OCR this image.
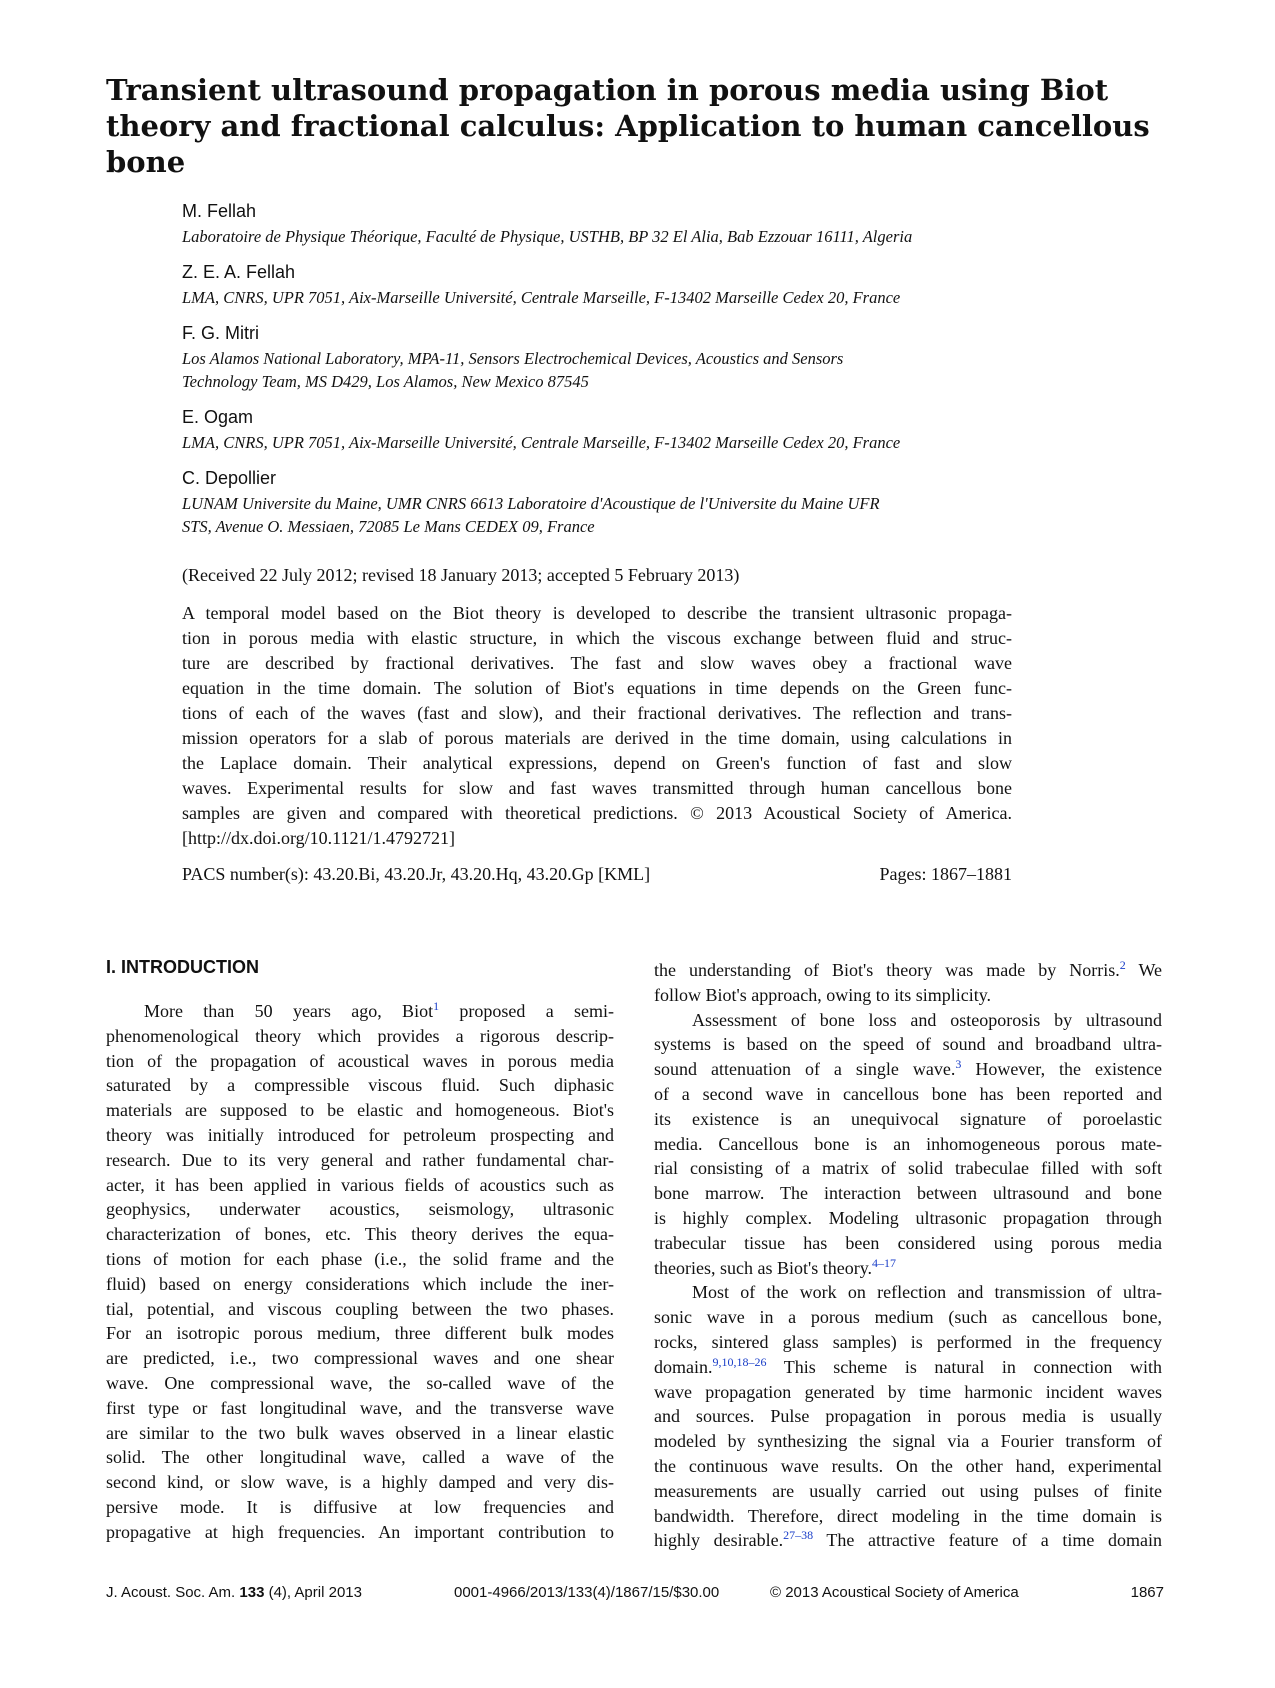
Transient ultrasound propagation in porous media using Biot
theory and fractional calculus: Application to human cancellous
bone
M. Fellah
Laboratoire de Physique Théorique, Faculté de Physique, USTHB, BP 32 El Alia, Bab Ezzouar 16111, Algeria
Z. E. A. Fellah
LMA, CNRS, UPR 7051, Aix-Marseille Université, Centrale Marseille, F-13402 Marseille Cedex 20, France
F. G. Mitri
Los Alamos National Laboratory, MPA-11, Sensors Electrochemical Devices, Acoustics and Sensors
Technology Team, MS D429, Los Alamos, New Mexico 87545
E. Ogam
LMA, CNRS, UPR 7051, Aix-Marseille Université, Centrale Marseille, F-13402 Marseille Cedex 20, France
C. Depollier
LUNAM Universite du Maine, UMR CNRS 6613 Laboratoire d'Acoustique de l'Universite du Maine UFR
STS, Avenue O. Messiaen, 72085 Le Mans CEDEX 09, France
(Received 22 July 2012; revised 18 January 2013; accepted 5 February 2013)
A temporal model based on the Biot theory is developed to describe the transient ultrasonic propaga-
tion in porous media with elastic structure, in which the viscous exchange between fluid and struc-
ture are described by fractional derivatives. The fast and slow waves obey a fractional wave
equation in the time domain. The solution of Biot's equations in time depends on the Green func-
tions of each of the waves (fast and slow), and their fractional derivatives. The reflection and trans-
mission operators for a slab of porous materials are derived in the time domain, using calculations in
the Laplace domain. Their analytical expressions, depend on Green's function of fast and slow
waves. Experimental results for slow and fast waves transmitted through human cancellous bone
samples are given and compared with theoretical predictions. © 2013 Acoustical Society of America.
[http://dx.doi.org/10.1121/1.4792721]
PACS number(s): 43.20.Bi, 43.20.Jr, 43.20.Hq, 43.20.Gp [KML]	Pages: 1867–1881
I. INTRODUCTION
More than 50 years ago, Biot$^1$ proposed a semi-
phenomenological theory which provides a rigorous descrip-
tion of the propagation of acoustical waves in porous media
saturated by a compressible viscous fluid. Such diphasic
materials are supposed to be elastic and homogeneous. Biot's
theory was initially introduced for petroleum prospecting and
research. Due to its very general and rather fundamental char-
acter, it has been applied in various fields of acoustics such as
geophysics, underwater acoustics, seismology, ultrasonic
characterization of bones, etc. This theory derives the equa-
tions of motion for each phase (i.e., the solid frame and the
fluid) based on energy considerations which include the iner-
tial, potential, and viscous coupling between the two phases.
For an isotropic porous medium, three different bulk modes
are predicted, i.e., two compressional waves and one shear
wave. One compressional wave, the so-called wave of the
first type or fast longitudinal wave, and the transverse wave
are similar to the two bulk waves observed in a linear elastic
solid. The other longitudinal wave, called a wave of the
second kind, or slow wave, is a highly damped and very dis-
persive mode. It is diffusive at low frequencies and
propagative at high frequencies. An important contribution to
the understanding of Biot's theory was made by Norris.$^2$ We
follow Biot's approach, owing to its simplicity.
Assessment of bone loss and osteoporosis by ultrasound
systems is based on the speed of sound and broadband ultra-
sound attenuation of a single wave.$^3$ However, the existence
of a second wave in cancellous bone has been reported and
its existence is an unequivocal signature of poroelastic
media. Cancellous bone is an inhomogeneous porous mate-
rial consisting of a matrix of solid trabeculae filled with soft
bone marrow. The interaction between ultrasound and bone
is highly complex. Modeling ultrasonic propagation through
trabecular tissue has been considered using porous media
theories, such as Biot's theory.$^{4-17}$
Most of the work on reflection and transmission of ultra-
sonic wave in a porous medium (such as cancellous bone,
rocks, sintered glass samples) is performed in the frequency
domain.$^{9,10,18-26}$ This scheme is natural in connection with
wave propagation generated by time harmonic incident waves
and sources. Pulse propagation in porous media is usually
modeled by synthesizing the signal via a Fourier transform of
the continuous wave results. On the other hand, experimental
measurements are usually carried out using pulses of finite
bandwidth. Therefore, direct modeling in the time domain is
highly desirable.$^{27-38}$ The attractive feature of a time domain
J. Acoust. Soc. Am. 133 (4), April 2013	0001-4966/2013/133(4)/1867/15/$30.00	© 2013 Acoustical Society of America	1867
